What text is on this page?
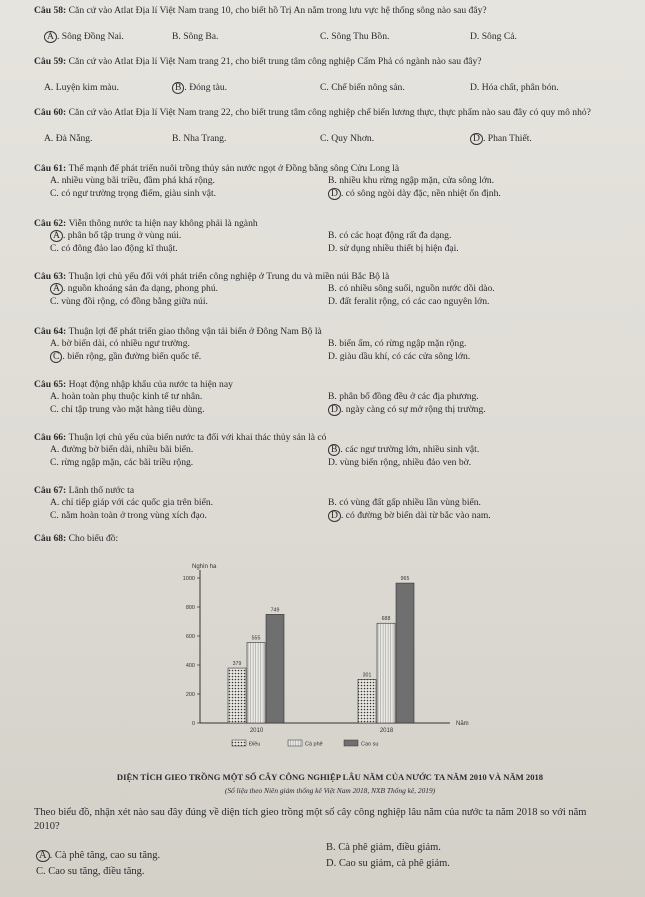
Câu 68: Cho biểu đồ:
Nghìn ha
Năm
0
200
400
600
800
1000
379
555
749
2010
301
688
965
2018
Điều	Cà phê	Cao su
DIỆN TÍCH GIEO TRỒNG MỘT SỐ CÂY CÔNG NGHIỆP LÂU NĂM CỦA NƯỚC TA NĂM 2010 VÀ NĂM 2018
(Số liệu theo Niên giám thống kê Việt Nam 2018, NXB Thống kê, 2019)
Theo biểu đồ, nhận xét nào sau đây đúng về diện tích gieo trồng một số cây công nghiệp lâu năm của nước ta năm 2018 so với năm 2010?
A . Cà phê tăng, cao su tăng.
B. Cà phê giảm, điều giảm.
C. Cao su tăng, điều tăng.
D. Cao su giảm, cà phê giảm.
Câu 58: Căn cứ vào Atlat Địa lí Việt Nam trang 10, cho biết hồ Trị An nằm trong lưu vực hệ thống sông nào sau đây?
A . Sông Đồng Nai.	B. Sông Ba.	C. Sông Thu Bồn.	D. Sông Cả.
Câu 59: Căn cứ vào Atlat Địa lí Việt Nam trang 21, cho biết trung tâm công nghiệp Cẩm Phả có ngành nào sau đây?
A. Luyện kim màu.	B . Đóng tàu.	C. Chế biến nông sản.	D. Hóa chất, phân bón.
Câu 60: Căn cứ vào Atlat Địa lí Việt Nam trang 22, cho biết trung tâm công nghiệp chế biến lương thực, thực phẩm nào sau đây có quy mô nhỏ?
A. Đà Nẵng.	B. Nha Trang.	C. Quy Nhơn.	D . Phan Thiết.
Câu 61: Thế mạnh để phát triển nuôi trồng thủy sản nước ngọt ở Đồng bằng sông Cửu Long là
A. nhiều vùng bãi triều, đầm phá khá rộng.	B. nhiều khu rừng ngập mặn, cửa sông lớn.
C. có ngư trường trọng điểm, giàu sinh vật.	D . có sông ngòi dày đặc, nền nhiệt ổn định.
Câu 62: Viễn thông nước ta hiện nay không phải là ngành
A . phân bố tập trung ở vùng núi.	B. có các hoạt động rất đa dạng.
C. có đông đảo lao động kĩ thuật.	D. sử dụng nhiều thiết bị hiện đại.
Câu 63: Thuận lợi chủ yếu đối với phát triển công nghiệp ở Trung du và miền núi Bắc Bộ là
A . nguồn khoáng sản đa dạng, phong phú.	B. có nhiều sông suối, nguồn nước dồi dào.
C. vùng đồi rộng, có đồng bằng giữa núi.	D. đất feralit rộng, có các cao nguyên lớn.
Câu 64: Thuận lợi để phát triển giao thông vận tải biển ở Đông Nam Bộ là
A. bờ biển dài, có nhiều ngư trường.	B. biển ấm, có rừng ngập mặn rộng.
C . biển rộng, gần đường biển quốc tế.	D. giàu dầu khí, có các cửa sông lớn.
Câu 65: Hoạt động nhập khẩu của nước ta hiện nay
A. hoàn toàn phụ thuộc kinh tế tư nhân.	B. phân bố đồng đều ở các địa phương.
C. chỉ tập trung vào mặt hàng tiêu dùng.	D . ngày càng có sự mở rộng thị trường.
Câu 66: Thuận lợi chủ yếu của biển nước ta đối với khai thác thủy sản là có
A. đường bờ biển dài, nhiều bãi biển.	B . các ngư trường lớn, nhiều sinh vật.
C. rừng ngập mặn, các bãi triều rộng.	D. vùng biển rộng, nhiều đảo ven bờ.
Câu 67: Lãnh thổ nước ta
A. chỉ tiếp giáp với các quốc gia trên biển.	B. có vùng đất gấp nhiều lần vùng biển.
C. nằm hoàn toàn ở trong vùng xích đạo.	D . có đường bờ biển dài từ bắc vào nam.
